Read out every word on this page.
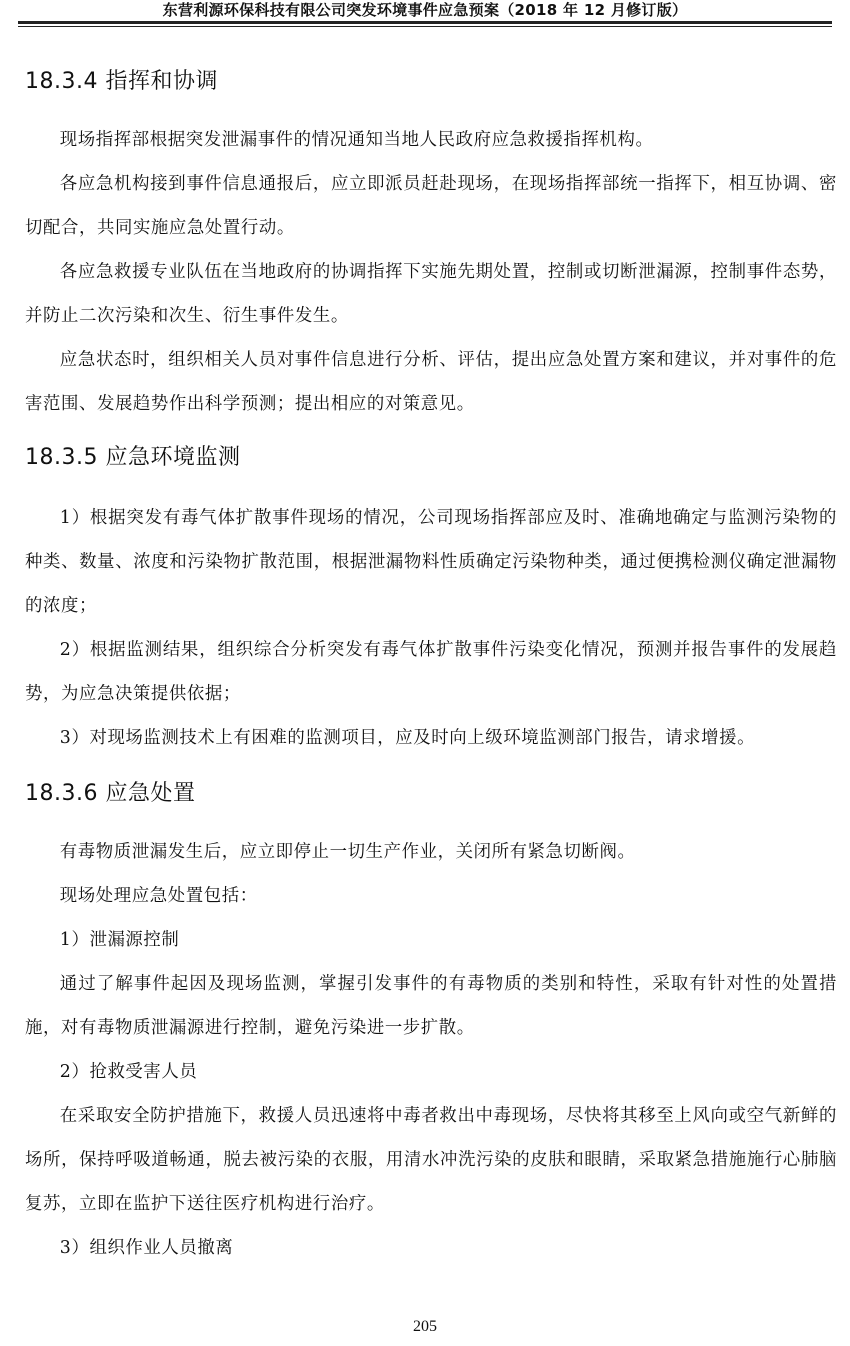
东营利源环保科技有限公司突发环境事件应急预案（2018 年 12 月修订版）
18.3.4 指挥和协调

现场指挥部根据突发泄漏事件的情况通知当地人民政府应急救援指挥机构。

各应急机构接到事件信息通报后，应立即派员赶赴现场，在现场指挥部统一指挥下，相互协调、密切配合，共同实施应急处置行动。

各应急救援专业队伍在当地政府的协调指挥下实施先期处置，控制或切断泄漏源，控制事件态势，并防止二次污染和次生、衍生事件发生。

应急状态时，组织相关人员对事件信息进行分析、评估，提出应急处置方案和建议，并对事件的危害范围、发展趋势作出科学预测；提出相应的对策意见。

18.3.5 应急环境监测

1）根据突发有毒气体扩散事件现场的情况，公司现场指挥部应及时、准确地确定与监测污染物的种类、数量、浓度和污染物扩散范围，根据泄漏物料性质确定污染物种类，通过便携检测仪确定泄漏物的浓度；

2）根据监测结果，组织综合分析突发有毒气体扩散事件污染变化情况，预测并报告事件的发展趋势，为应急决策提供依据；

3）对现场监测技术上有困难的监测项目，应及时向上级环境监测部门报告，请求增援。

18.3.6 应急处置

有毒物质泄漏发生后，应立即停止一切生产作业，关闭所有紧急切断阀。

现场处理应急处置包括：

1）泄漏源控制

通过了解事件起因及现场监测，掌握引发事件的有毒物质的类别和特性，采取有针对性的处置措施，对有毒物质泄漏源进行控制，避免污染进一步扩散。

2）抢救受害人员

在采取安全防护措施下，救援人员迅速将中毒者救出中毒现场，尽快将其移至上风向或空气新鲜的场所，保持呼吸道畅通，脱去被污染的衣服，用清水冲洗污染的皮肤和眼睛，采取紧急措施施行心肺脑复苏，立即在监护下送往医疗机构进行治疗。

3）组织作业人员撤离

205
